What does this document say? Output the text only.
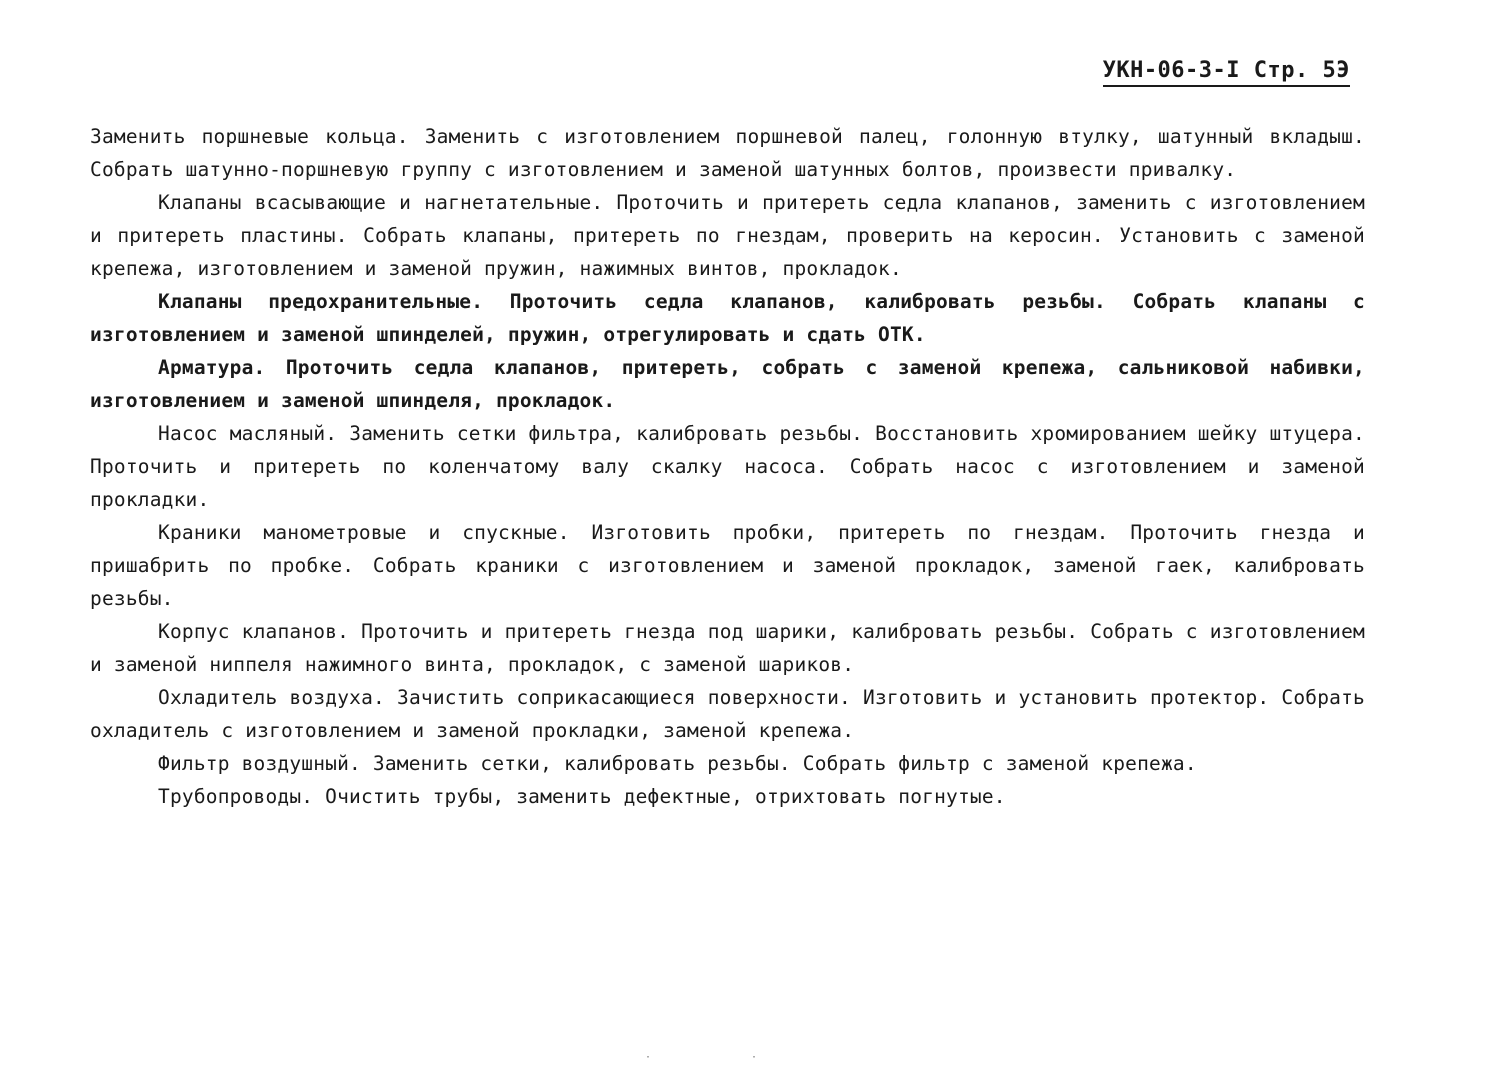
УКН-06-3-I Стр. 5Э

Заменить поршневые кольца. Заменить с изготовлением поршневой палец, голонную втулку, шатунный вкладыш. Собрать шатунно-поршневую группу с изготовлением и заменой шатунных болтов, произвести привалку.

Клапаны всасывающие и нагнетательные. Проточить и притереть седла клапанов, заменить с изготовлением и притереть пластины. Собрать клапаны, притереть по гнездам, проверить на керосин. Установить с заменой крепежа, изготовлением и заменой пружин, нажимных винтов, прокладок.

Клапаны предохранительные. Проточить седла клапанов, калибровать резьбы. Собрать клапаны с изготовлением и заменой шпинделей, пружин, отрегулировать и сдать ОТК.

Арматура. Проточить седла клапанов, притереть, собрать с заменой крепежа, сальниковой набивки, изготовлением и заменой шпинделя, прокладок.

Насос масляный. Заменить сетки фильтра, калибровать резьбы. Восстановить хромированием шейку штуцера. Проточить и притереть по коленчатому валу скалку насоса. Собрать насос с изготовлением и заменой прокладки.

Краники манометровые и спускные. Изготовить пробки, притереть по гнездам. Проточить гнезда и пришабрить по пробке. Собрать краники с изготовлением и заменой прокладок, заменой гаек, калибровать резьбы.

Корпус клапанов. Проточить и притереть гнезда под шарики, калибровать резьбы. Собрать с изготовлением и заменой ниппеля нажимного винта, прокладок, с заменой шариков.

Охладитель воздуха. Зачистить соприкасающиеся поверхности. Изготовить и установить протектор. Собрать охладитель с изготовлением и заменой прокладки, заменой крепежа.

Фильтр воздушный. Заменить сетки, калибровать резьбы. Собрать фильтр с заменой крепежа.

Трубопроводы. Очистить трубы, заменить дефектные, отрихтовать погнутые.

··
